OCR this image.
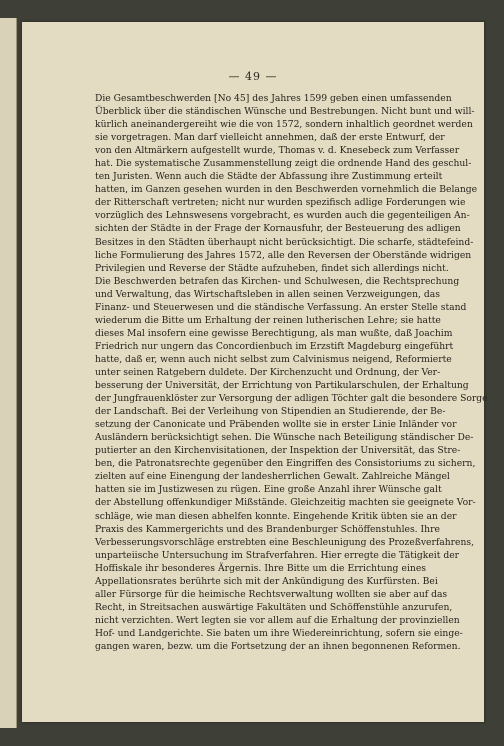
— 49 —

Die Gesamtbeschwerden [No 45] des Jahres 1599 geben einen umfassenden
Überblick über die ständischen Wünsche und Bestrebungen. Nicht bunt und will-
kürlich aneinandergereiht wie die von 1572, sondern inhaltlich geordnet werden
sie vorgetragen. Man darf vielleicht annehmen, daß der erste Entwurf, der
von den Altmärkern aufgestellt wurde, Thomas v. d. Knesebeck zum Verfasser
hat. Die systematische Zusammenstellung zeigt die ordnende Hand des geschul-
ten Juristen. Wenn auch die Städte der Abfassung ihre Zustimmung erteilt
hatten, im Ganzen gesehen wurden in den Beschwerden vornehmlich die Belange
der Ritterschaft vertreten; nicht nur wurden spezifisch adlige Forderungen wie
vorzüglich des Lehnswesens vorgebracht, es wurden auch die gegenteiligen An-
sichten der Städte in der Frage der Kornausfuhr, der Besteuerung des adligen
Besitzes in den Städten überhaupt nicht berücksichtigt. Die scharfe, städtefeind-
liche Formulierung des Jahres 1572, alle den Reversen der Oberstände widrigen
Privilegien und Reverse der Städte aufzuheben, findet sich allerdings nicht.

Die Beschwerden betrafen das Kirchen- und Schulwesen, die Rechtsprechung
und Verwaltung, das Wirtschaftsleben in allen seinen Verzweigungen, das
Finanz- und Steuerwesen und die ständische Verfassung. An erster Stelle stand
wiederum die Bitte um Erhaltung der reinen lutherischen Lehre; sie hatte
dieses Mal insofern eine gewisse Berechtigung, als man wußte, daß Joachim
Friedrich nur ungern das Concordienbuch im Erzstift Magdeburg eingeführt
hatte, daß er, wenn auch nicht selbst zum Calvinismus neigend, Reformierte
unter seinen Ratgebern duldete. Der Kirchenzucht und Ordnung, der Ver-
besserung der Universität, der Errichtung von Partikularschulen, der Erhaltung
der Jungfrauenklöster zur Versorgung der adligen Töchter galt die besondere Sorge
der Landschaft. Bei der Verleihung von Stipendien an Studierende, der Be-
setzung der Canonicate und Präbenden wollte sie in erster Linie Inländer vor
Ausländern berücksichtigt sehen. Die Wünsche nach Beteiligung ständischer De-
putierter an den Kirchenvisitationen, der Inspektion der Universität, das Stre-
ben, die Patronatsrechte gegenüber den Eingriffen des Consistoriums zu sichern,
zielten auf eine Einengung der landesherrlichen Gewalt. Zahlreiche Mängel
hatten sie im Justizwesen zu rügen. Eine große Anzahl ihrer Wünsche galt
der Abstellung offenkundiger Mißstände. Gleichzeitig machten sie geeignete Vor-
schläge, wie man diesen abhelfen konnte. Eingehende Kritik übten sie an der
Praxis des Kammergerichts und des Brandenburger Schöffenstuhles. Ihre
Verbesserungsvorschläge erstrebten eine Beschleunigung des Prozeßverfahrens,
unparteiische Untersuchung im Strafverfahren. Hier erregte die Tätigkeit der
Hoffiskale ihr besonderes Ärgernis. Ihre Bitte um die Errichtung eines
Appellationsrates berührte sich mit der Ankündigung des Kurfürsten. Bei
aller Fürsorge für die heimische Rechtsverwaltung wollten sie aber auf das
Recht, in Streitsachen auswärtige Fakultäten und Schöffenstühle anzurufen,
nicht verzichten. Wert legten sie vor allem auf die Erhaltung der provinziellen
Hof- und Landgerichte. Sie baten um ihre Wiedereinrichtung, sofern sie einge-
gangen waren, bezw. um die Fortsetzung der an ihnen begonnenen Reformen.
